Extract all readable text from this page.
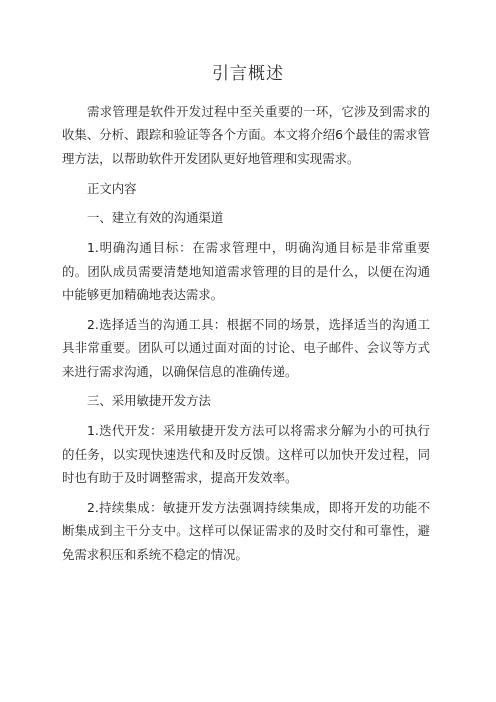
引言概述

需求管理是软件开发过程中至关重要的一环，它涉及到需求的收集、分析、跟踪和验证等各个方面。本文将介绍6个最佳的需求管理方法，以帮助软件开发团队更好地管理和实现需求。

正文内容

一、建立有效的沟通渠道

1.明确沟通目标：在需求管理中，明确沟通目标是非常重要的。团队成员需要清楚地知道需求管理的目的是什么，以便在沟通中能够更加精确地表达需求。

2.选择适当的沟通工具：根据不同的场景，选择适当的沟通工具非常重要。团队可以通过面对面的讨论、电子邮件、会议等方式来进行需求沟通，以确保信息的准确传递。

三、采用敏捷开发方法

1.迭代开发：采用敏捷开发方法可以将需求分解为小的可执行的任务，以实现快速迭代和及时反馈。这样可以加快开发过程，同时也有助于及时调整需求，提高开发效率。

2.持续集成：敏捷开发方法强调持续集成，即将开发的功能不断集成到主干分支中。这样可以保证需求的及时交付和可靠性，避免需求积压和系统不稳定的情况。
